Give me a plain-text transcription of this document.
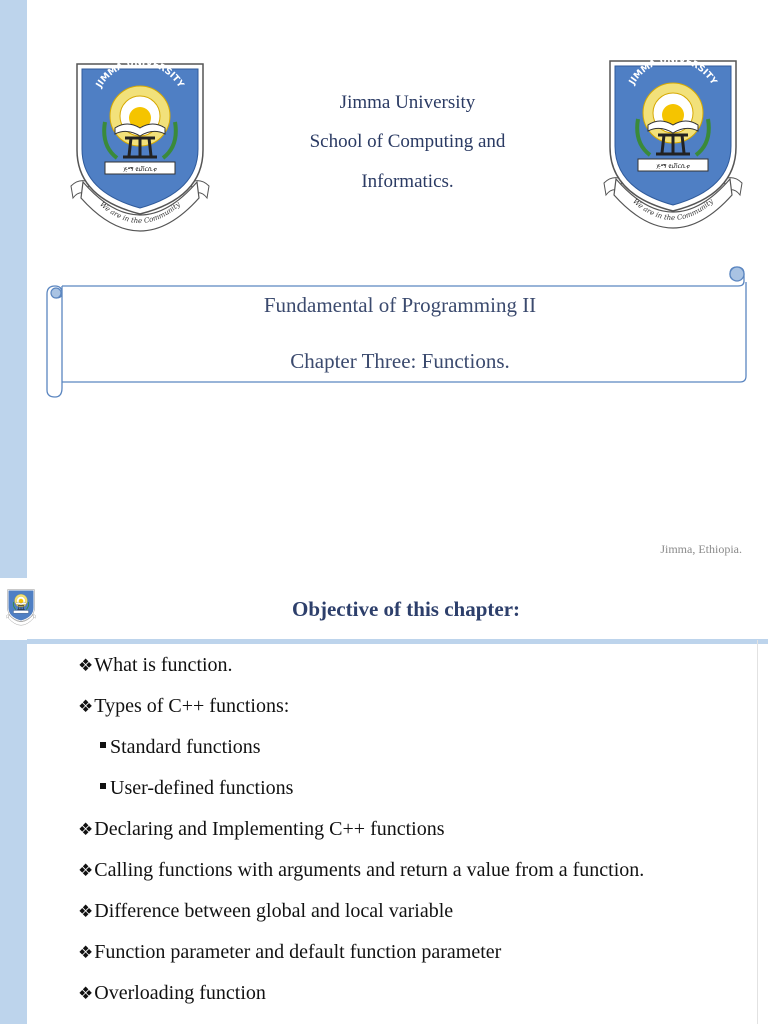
JIMMA UNIVERSITY
ጅማ ዩኒቨርሲቲ
We are in the Community
Jimma University
School of Computing and
Informatics.
JIMMA UNIVERSITY
ጅማ ዩኒቨርሲቲ
We are in the Community
Fundamental of Programming II
Chapter Three: Functions.
Jimma, Ethiopia.
Objective of this chapter:
❖What is function.
❖Types of C++ functions:
Standard functions
User-defined functions
❖Declaring and Implementing C++ functions
❖Calling functions with arguments and return a value from a function.
❖Difference between global and local variable
❖Function parameter and default function parameter
❖Overloading function
